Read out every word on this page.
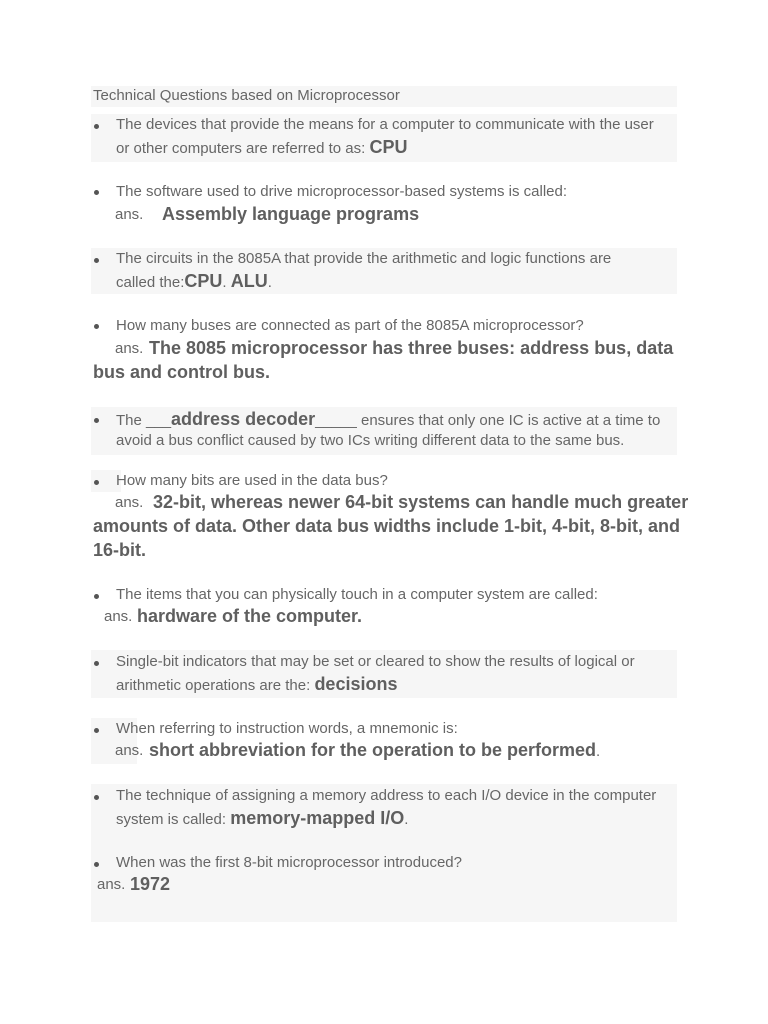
Technical Questions based on Microprocessor
The devices that provide the means for a computer to communicate with the user
or other computers are referred to as: CPU
The software used to drive microprocessor-based systems is called:
ans. Assembly language programs
The circuits in the 8085A that provide the arithmetic and logic functions are
called the:CPU. ALU.
How many buses are connected as part of the 8085A microprocessor?
ans. The 8085 microprocessor has three buses: address bus, data
bus and control bus.
The ___address decoder_____ ensures that only one IC is active at a time to
avoid a bus conflict caused by two ICs writing different data to the same bus.
How many bits are used in the data bus?
ans. 32-bit, whereas newer 64-bit systems can handle much greater
amounts of data. Other data bus widths include 1-bit, 4-bit, 8-bit, and
16-bit.
The items that you can physically touch in a computer system are called:
ans. hardware of the computer.
Single-bit indicators that may be set or cleared to show the results of logical or
arithmetic operations are the: decisions
When referring to instruction words, a mnemonic is:
ans. short abbreviation for the operation to be performed.
The technique of assigning a memory address to each I/O device in the computer
system is called: memory-mapped I/O.
When was the first 8-bit microprocessor introduced?
ans. 1972
